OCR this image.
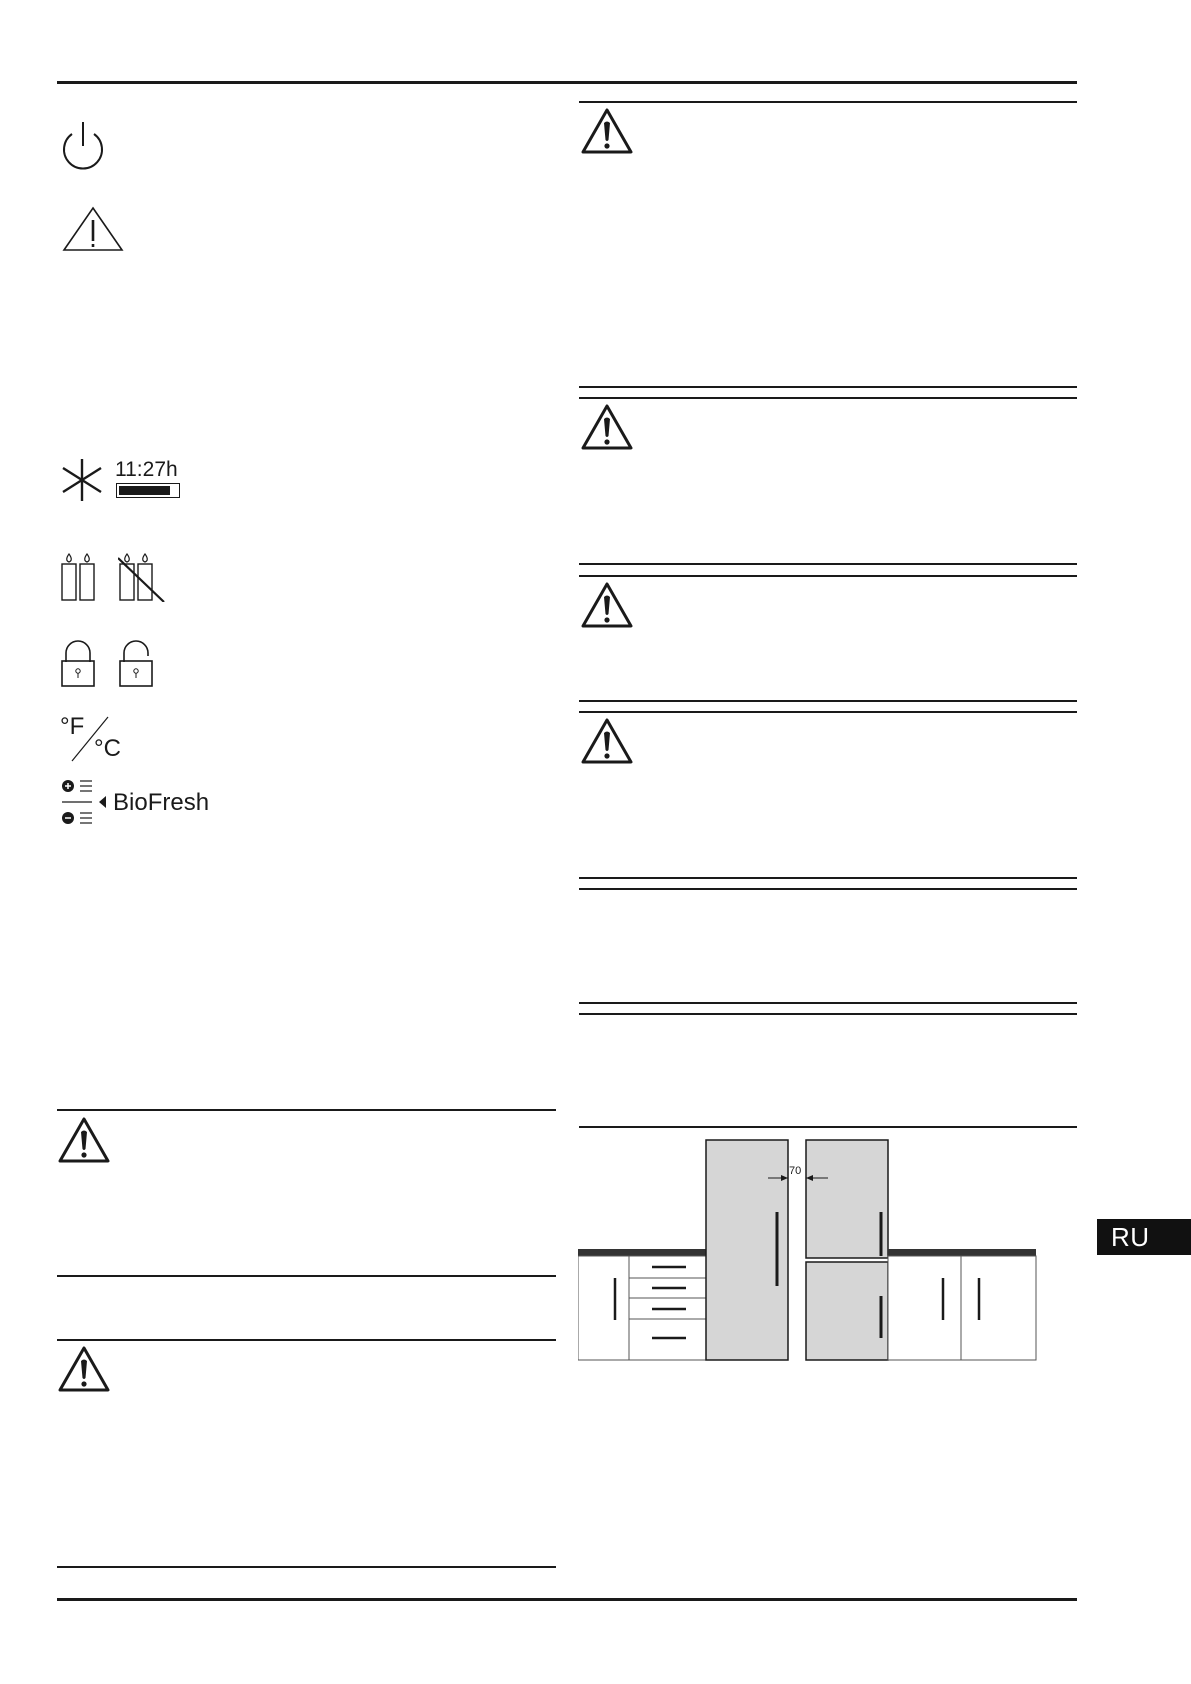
11:27h
°F
°C
BioFresh
70
RU
